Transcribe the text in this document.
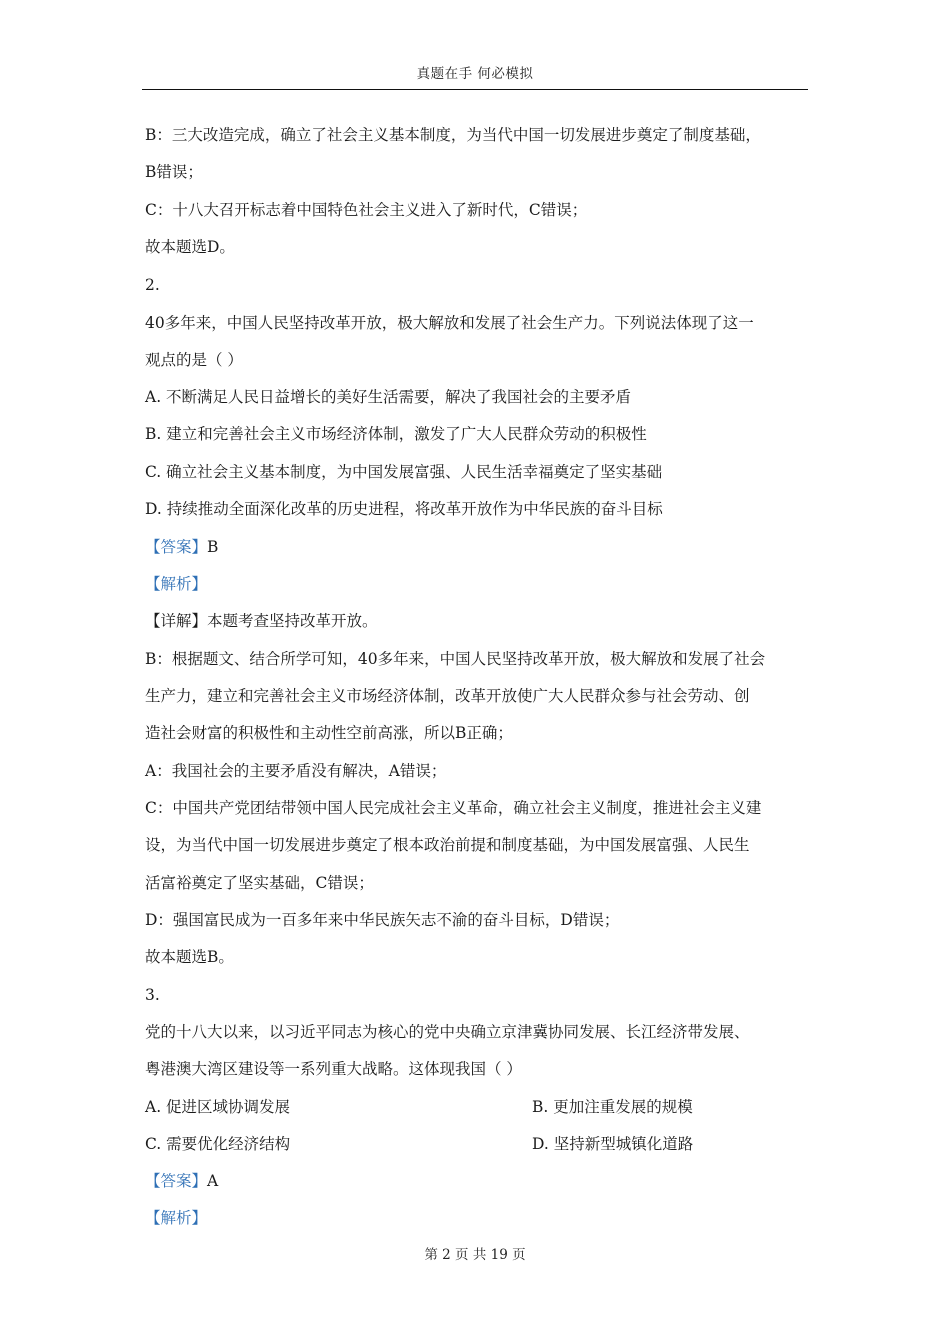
真题在手 何必模拟
B：三大改造完成，确立了社会主义基本制度，为当代中国一切发展进步奠定了制度基础，
B错误；
C：十八大召开标志着中国特色社会主义进入了新时代，C错误；
故本题选D。
2.
40多年来，中国人民坚持改革开放，极大解放和发展了社会生产力。下列说法体现了这一
观点的是（ ）
A. 不断满足人民日益增长的美好生活需要，解决了我国社会的主要矛盾
B. 建立和完善社会主义市场经济体制，激发了广大人民群众劳动的积极性
C. 确立社会主义基本制度，为中国发展富强、人民生活幸福奠定了坚实基础
D. 持续推动全面深化改革的历史进程，将改革开放作为中华民族的奋斗目标
【答案】B
【解析】
【详解】本题考查坚持改革开放。
B：根据题文、结合所学可知，40多年来，中国人民坚持改革开放，极大解放和发展了社会
生产力，建立和完善社会主义市场经济体制，改革开放使广大人民群众参与社会劳动、创
造社会财富的积极性和主动性空前高涨，所以B正确；
A：我国社会的主要矛盾没有解决，A错误；
C：中国共产党团结带领中国人民完成社会主义革命，确立社会主义制度，推进社会主义建
设，为当代中国一切发展进步奠定了根本政治前提和制度基础，为中国发展富强、人民生
活富裕奠定了坚实基础，C错误；
D：强国富民成为一百多年来中华民族矢志不渝的奋斗目标，D错误；
故本题选B。
3.
党的十八大以来，以习近平同志为核心的党中央确立京津冀协同发展、长江经济带发展、
粤港澳大湾区建设等一系列重大战略。这体现我国（ ）
A. 促进区域协调发展	B. 更加注重发展的规模
C. 需要优化经济结构	D. 坚持新型城镇化道路
【答案】A
【解析】
第 2 页 共 19 页
